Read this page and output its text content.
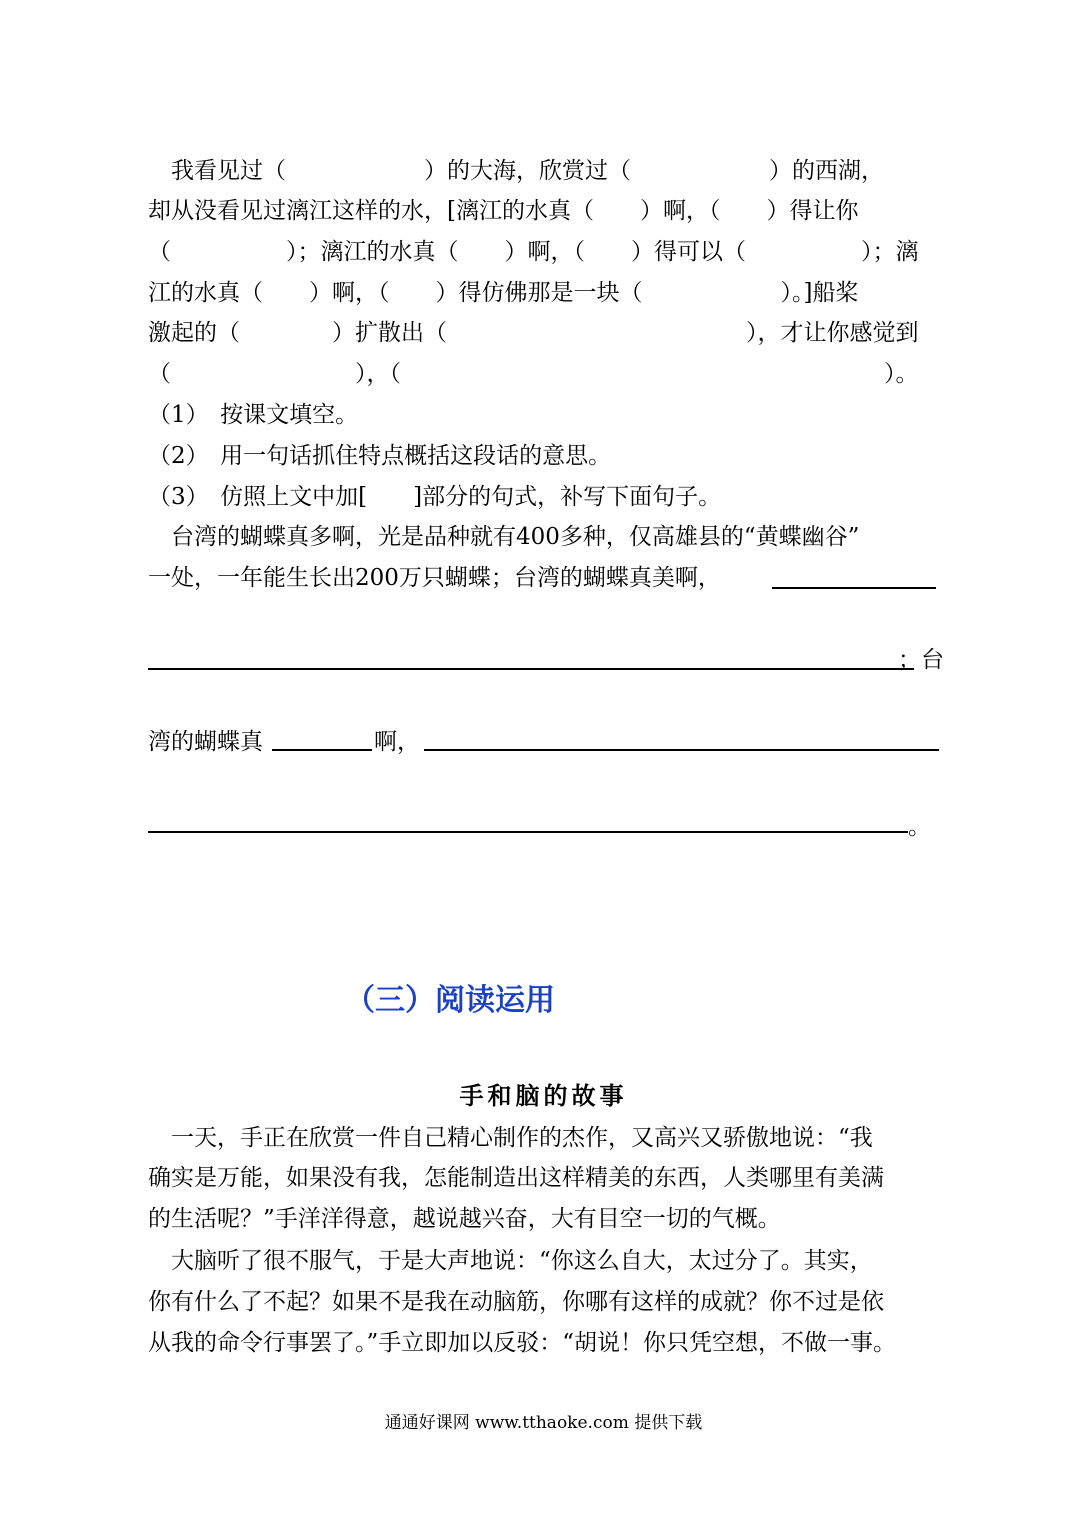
　我看见过（　　　　　　）的大海，欣赏过（　　　　　　）的西湖，

却从没看见过漓江这样的水，[漓江的水真（　　）啊，（　　）得让你

（　　　　　）；漓江的水真（　　）啊，（　　）得可以（　　　　　）；漓

江的水真（　　）啊，（　　）得仿佛那是一块（　　　　　　）。]船桨

激起的（　　　　）扩散出（　　　　　　　　　　　　　），才让你感觉到

（　　　　　　　　），（　　　　　　　　　　　　　　　　　　　　　）。

（1）　按课文填空。

（2）　用一句话抓住特点概括这段话的意思。

（3）　仿照上文中加[　　]部分的句式，补写下面句子。

　台湾的蝴蝶真多啊，光是品种就有400多种，仅高雄县的“黄蝶幽谷”

一处，一年能生长出200万只蝴蝶；台湾的蝴蝶真美啊，

；台

湾的蝴蝶真	啊，

。

（三）阅读运用

手和脑的故事

　一天，手正在欣赏一件自己精心制作的杰作，又高兴又骄傲地说：“我

确实是万能，如果没有我，怎能制造出这样精美的东西，人类哪里有美满

的生活呢？”手洋洋得意，越说越兴奋，大有目空一切的气概。

　大脑听了很不服气，于是大声地说：“你这么自大，太过分了。其实，

你有什么了不起？如果不是我在动脑筋，你哪有这样的成就？你不过是依

从我的命令行事罢了。”手立即加以反驳：“胡说！你只凭空想，不做一事。

通通好课网 www.tthaoke.com 提供下载
